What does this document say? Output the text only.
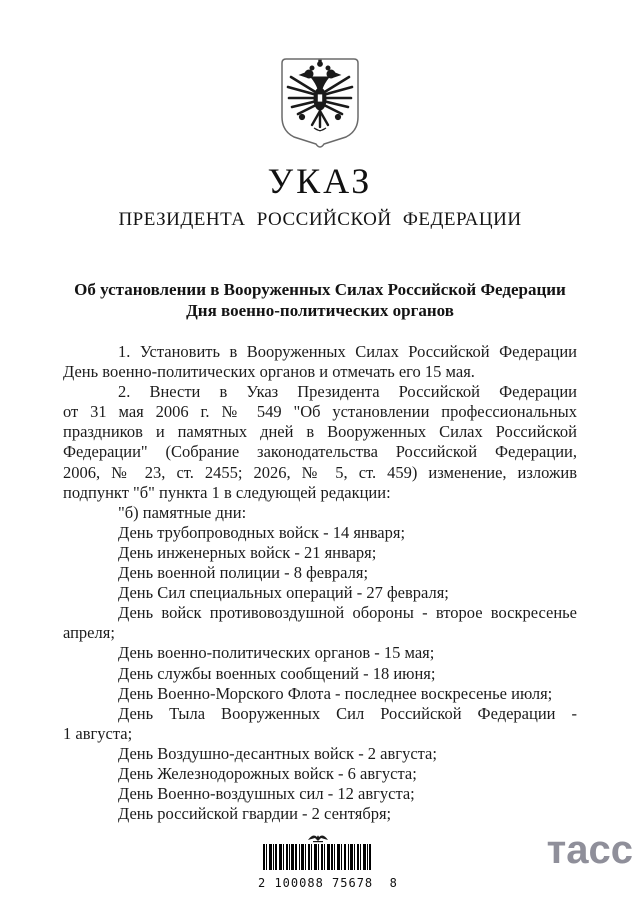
УКАЗ
ПРЕЗИДЕНТА РОССИЙСКОЙ ФЕДЕРАЦИИ
Об установлении в Вооруженных Силах Российской Федерации
Дня военно-политических органов
1. Установить в Вооруженных Силах Российской Федерации
День военно-политических органов и отмечать его 15 мая.
2. Внести в Указ Президента Российской Федерации
от 31 мая 2006 г. № 549 "Об установлении профессиональных
праздников и памятных дней в Вооруженных Силах Российской
Федерации" (Собрание законодательства Российской Федерации,
2006, № 23, ст. 2455; 2026, № 5, ст. 459) изменение, изложив
подпункт "б" пункта 1 в следующей редакции:
"б) памятные дни:
День трубопроводных войск - 14 января;
День инженерных войск - 21 января;
День военной полиции - 8 февраля;
День Сил специальных операций - 27 февраля;
День войск противовоздушной обороны - второе воскресенье
апреля;
День военно-политических органов - 15 мая;
День службы военных сообщений - 18 июня;
День Военно-Морского Флота - последнее воскресенье июля;
День Тыла Вооруженных Сил Российской Федерации -
1 августа;
День Воздушно-десантных войск - 2 августа;
День Железнодорожных войск - 6 августа;
День Военно-воздушных сил - 12 августа;
День российской гвардии - 2 сентября;
2 100088 75678  8
тасс
